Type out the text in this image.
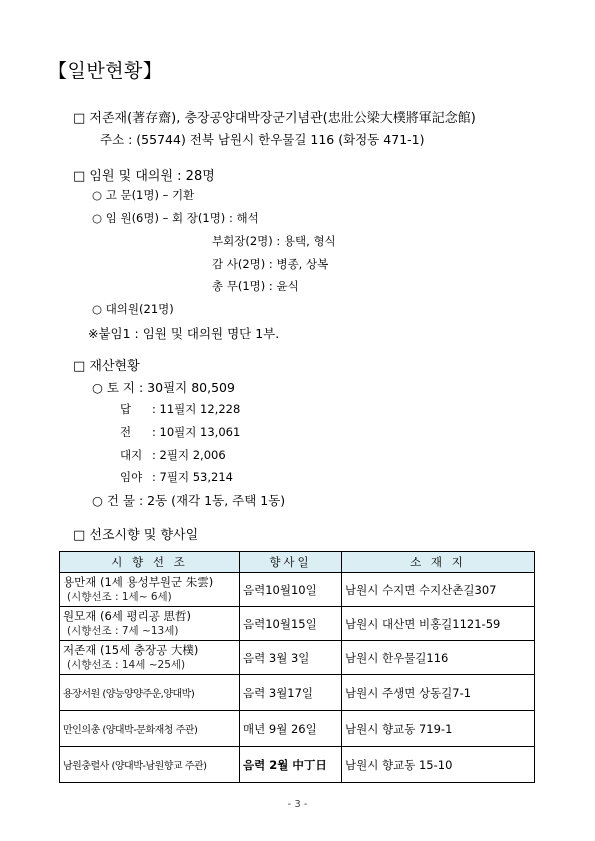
【일반현황】
□ 저존재(著存齋), 충장공양대박장군기념관(忠壯公梁大樸將軍記念館)
주소 : (55744) 전북 남원시 한우물길 116 (화정동 471-1)
□ 임원 및 대의원 : 28명
○ 고 문(1명) – 기환
○ 임 원(6명) – 회 장(1명) : 해석
부회장(2명) : 용택, 형식
감 사(2명) : 병종, 상복
총 무(1명) : 윤식
○ 대의원(21명)
※붙임1 : 임원 및 대의원 명단 1부.
□ 재산현황
○ 토 지 : 30필지 80,509
답 : 11필지 12,228
전 : 10필지 13,061
대지 : 2필지 2,006
임야 : 7필지 53,214
○ 건 물 : 2동 (재각 1동, 주택 1동)
□ 선조시향 및 향사일
시 향 선 조	향사일	소 재 지

용만재 (1세 용성부원군 朱雲)
(시향선조 : 1세~ 6세)	음력10월10일	남원시 수지면 수지산촌길307

원모재 (6세 평리공 思哲)
(시향선조 : 7세 ~13세)	음력10월15일	남원시 대산면 비홍길1121-59

저존재 (15세 충장공 大樸)
(시향선조 : 14세 ~25세)	음력 3월 3일	남원시 한우물길116
용장서원 (양능양양주운,양대박)	음력 3월17일	남원시 주생면 상동길7-1
만인의총 (양대박-문화재청 주관)	매년 9월 26일	남원시 향교동 719-1
남원충렬사 (양대박-남원향교 주관)	음력 2월 中丁日	남원시 향교동 15-10
- 3 -
